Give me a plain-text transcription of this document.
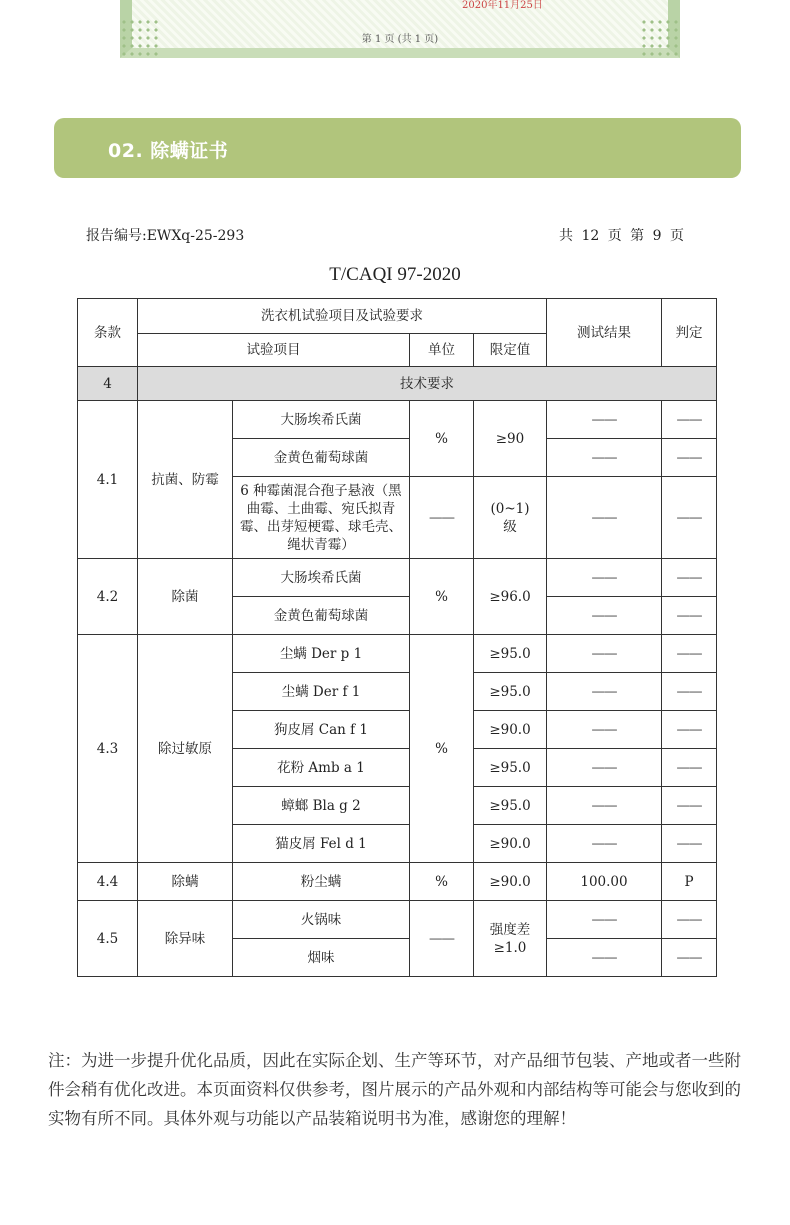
2020年11月25日
第 1 页 (共 1 页)
02. 除螨证书
报告编号:EWXq-25-293	共 12 页 第 9 页
T/CAQI 97-2020
条款	洗衣机试验项目及试验要求				测试结果	判定
	试验项目		单位	限定值		
4	技术要求					
4.1	抗菌、防霉	大肠埃希氏菌	%	≥90	——	——
		金黄色葡萄球菌			——	——
		6 种霉菌混合孢子悬液（黑曲霉、土曲霉、宛氏拟青霉、出芽短梗霉、球毛壳、绳状青霉）	——	(0~1)级	——	——
4.2	除菌	大肠埃希氏菌	%	≥96.0	——	——
		金黄色葡萄球菌			——	——
4.3	除过敏原	尘螨 Der p 1	%	≥95.0	——	——
		尘螨 Der f 1		≥95.0	——	——
		狗皮屑 Can f 1		≥90.0	——	——
		花粉 Amb a 1		≥95.0	——	——
		蟑螂 Bla g 2		≥95.0	——	——
		猫皮屑 Fel d 1		≥90.0	——	——
4.4	除螨	粉尘螨	%	≥90.0	100.00	P
4.5	除异味	火锅味	——	强度差≥1.0	——	——
		烟味			——	——
注：为进一步提升优化品质，因此在实际企划、生产等环节，对产品细节包装、产地或者一些附件会稍有优化改进。本页面资料仅供参考，图片展示的产品外观和内部结构等可能会与您收到的实物有所不同。具体外观与功能以产品装箱说明书为准，感谢您的理解！
